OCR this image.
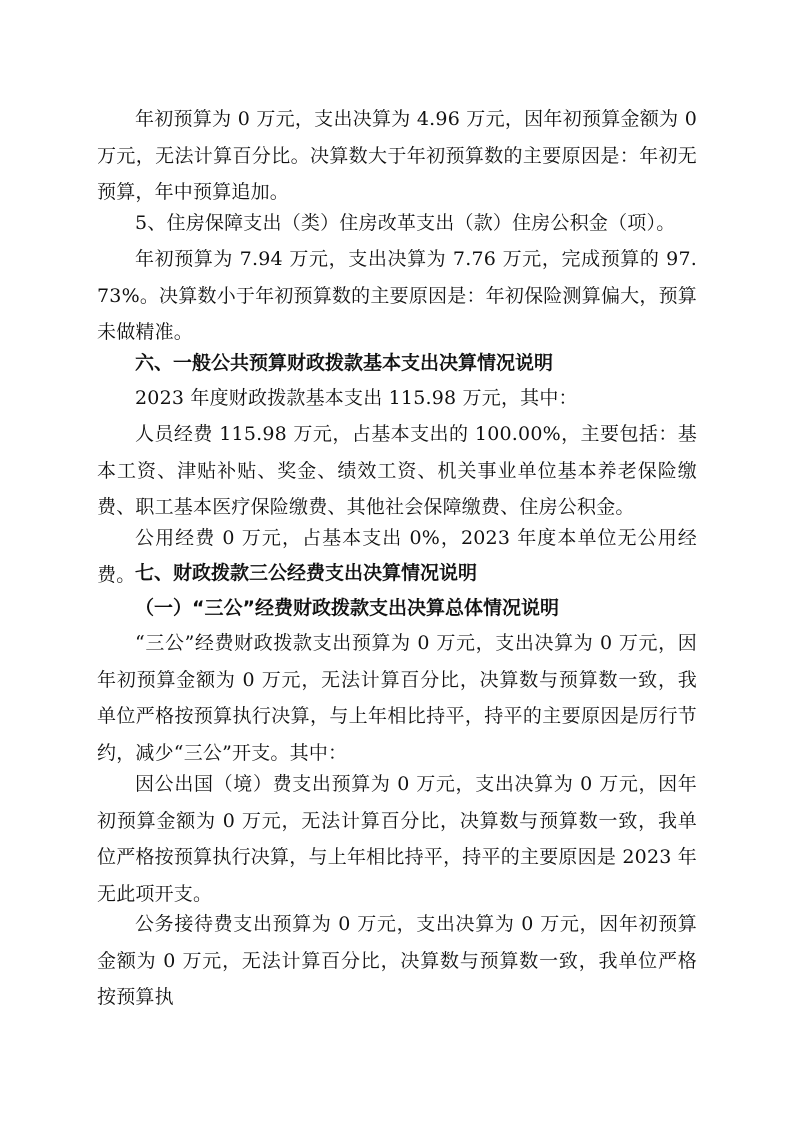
年初预算为 0 万元，支出决算为 4.96 万元，因年初预算金额为 0 万元，无法计算百分比。决算数大于年初预算数的主要原因是：年初无预算，年中预算追加。

5、住房保障支出（类）住房改革支出（款）住房公积金（项）。

年初预算为 7.94 万元，支出决算为 7.76 万元，完成预算的 97.73%。决算数小于年初预算数的主要原因是：年初保险测算偏大，预算未做精准。

六、一般公共预算财政拨款基本支出决算情况说明

2023 年度财政拨款基本支出 115.98 万元，其中：

人员经费 115.98 万元，占基本支出的 100.00%，主要包括：基本工资、津贴补贴、奖金、绩效工资、机关事业单位基本养老保险缴费、职工基本医疗保险缴费、其他社会保障缴费、住房公积金。

公用经费 0 万元，占基本支出 0%，2023 年度本单位无公用经费。 七、财政拨款三公经费支出决算情况说明

（一）“三公”经费财政拨款支出决算总体情况说明

“三公”经费财政拨款支出预算为 0 万元，支出决算为 0 万元，因年初预算金额为 0 万元，无法计算百分比，决算数与预算数一致，我单位严格按预算执行决算，与上年相比持平，持平的主要原因是厉行节约，减少“三公”开支。其中：

因公出国（境）费支出预算为 0 万元，支出决算为 0 万元，因年初预算金额为 0 万元，无法计算百分比，决算数与预算数一致，我单位严格按预算执行决算，与上年相比持平，持平的主要原因是 2023 年无此项开支。

公务接待费支出预算为 0 万元，支出决算为 0 万元，因年初预算金额为 0 万元，无法计算百分比，决算数与预算数一致，我单位严格按预算执
